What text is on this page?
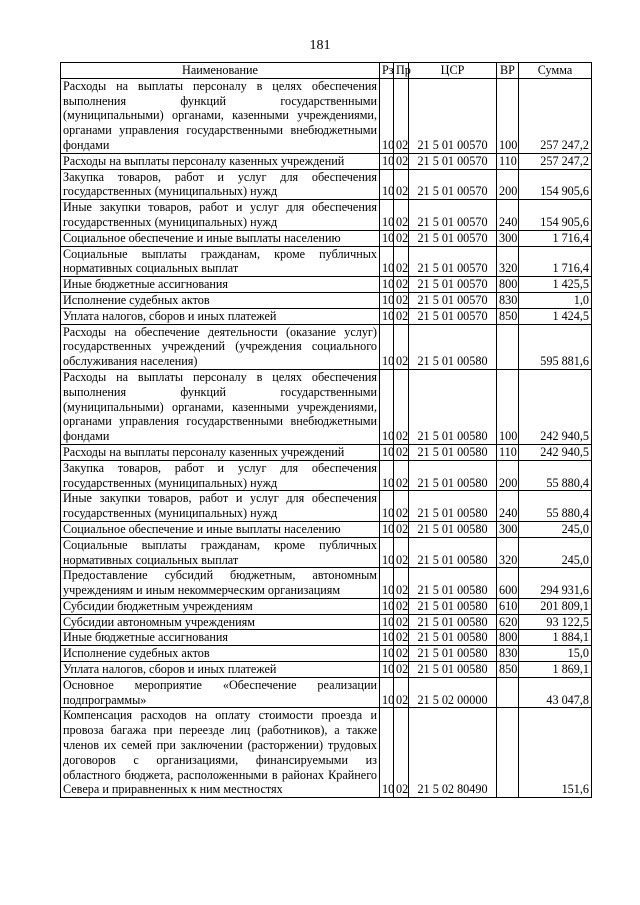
181
Наименование	Рз	Пр	ЦСР	ВР	Сумма
Расходы на выплаты персоналу в целях обеспечения выполнения функций государственными (муниципальными) органами, казенными учреждениями, органами управления государственными внебюджетными фондами	10	02	21 5 01 00570	100	257 247,2
Расходы на выплаты персоналу казенных учреждений	10	02	21 5 01 00570	110	257 247,2
Закупка товаров, работ и услуг для обеспечения государственных (муниципальных) нужд	10	02	21 5 01 00570	200	154 905,6
Иные закупки товаров, работ и услуг для обеспечения государственных (муниципальных) нужд	10	02	21 5 01 00570	240	154 905,6
Социальное обеспечение и иные выплаты населению	10	02	21 5 01 00570	300	1 716,4
Социальные выплаты гражданам, кроме публичных нормативных социальных выплат	10	02	21 5 01 00570	320	1 716,4
Иные бюджетные ассигнования	10	02	21 5 01 00570	800	1 425,5
Исполнение судебных актов	10	02	21 5 01 00570	830	1,0
Уплата налогов, сборов и иных платежей	10	02	21 5 01 00570	850	1 424,5
Расходы на обеспечение деятельности (оказание услуг) государственных учреждений (учреждения социального обслуживания населения)	10	02	21 5 01 00580		595 881,6
Расходы на выплаты персоналу в целях обеспечения выполнения функций государственными (муниципальными) органами, казенными учреждениями, органами управления государственными внебюджетными фондами	10	02	21 5 01 00580	100	242 940,5
Расходы на выплаты персоналу казенных учреждений	10	02	21 5 01 00580	110	242 940,5
Закупка товаров, работ и услуг для обеспечения государственных (муниципальных) нужд	10	02	21 5 01 00580	200	55 880,4
Иные закупки товаров, работ и услуг для обеспечения государственных (муниципальных) нужд	10	02	21 5 01 00580	240	55 880,4
Социальное обеспечение и иные выплаты населению	10	02	21 5 01 00580	300	245,0
Социальные выплаты гражданам, кроме публичных нормативных социальных выплат	10	02	21 5 01 00580	320	245,0
Предоставление субсидий бюджетным, автономным учреждениям и иным некоммерческим организациям	10	02	21 5 01 00580	600	294 931,6
Субсидии бюджетным учреждениям	10	02	21 5 01 00580	610	201 809,1
Субсидии автономным учреждениям	10	02	21 5 01 00580	620	93 122,5
Иные бюджетные ассигнования	10	02	21 5 01 00580	800	1 884,1
Исполнение судебных актов	10	02	21 5 01 00580	830	15,0
Уплата налогов, сборов и иных платежей	10	02	21 5 01 00580	850	1 869,1
Основное мероприятие «Обеспечение реализации подпрограммы»	10	02	21 5 02 00000		43 047,8
Компенсация расходов на оплату стоимости проезда и провоза багажа при переезде лиц (работников), а также членов их семей при заключении (расторжении) трудовых договоров с организациями, финансируемыми из областного бюджета, расположенными в районах Крайнего Севера и приравненных к ним местностях	10	02	21 5 02 80490		151,6
